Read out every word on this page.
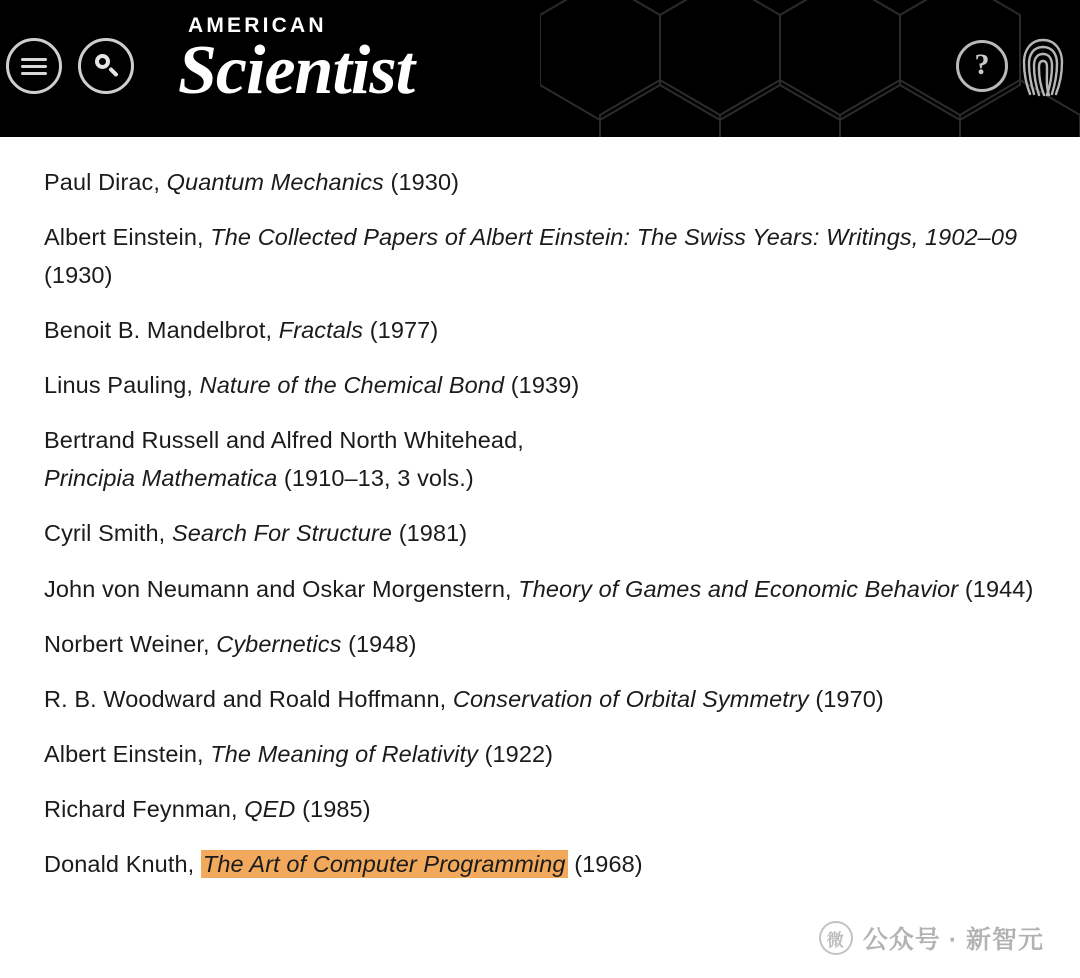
AMERICAN
Scientist	?

Paul Dirac, Quantum Mechanics (1930)

Albert Einstein, The Collected Papers of Albert Einstein: The Swiss Years: Writings, 1902–09 (1930)

Benoit B. Mandelbrot, Fractals (1977)

Linus Pauling, Nature of the Chemical Bond (1939)

Bertrand Russell and Alfred North Whitehead,
Principia Mathematica (1910–13, 3 vols.)

Cyril Smith, Search For Structure (1981)

John von Neumann and Oskar Morgenstern, Theory of Games and Economic Behavior (1944)

Norbert Weiner, Cybernetics (1948)

R. B. Woodward and Roald Hoffmann, Conservation of Orbital Symmetry (1970)

Albert Einstein, The Meaning of Relativity (1922)

Richard Feynman, QED (1985)

Donald Knuth, The Art of Computer Programming (1968)

微 公众号 · 新智元
